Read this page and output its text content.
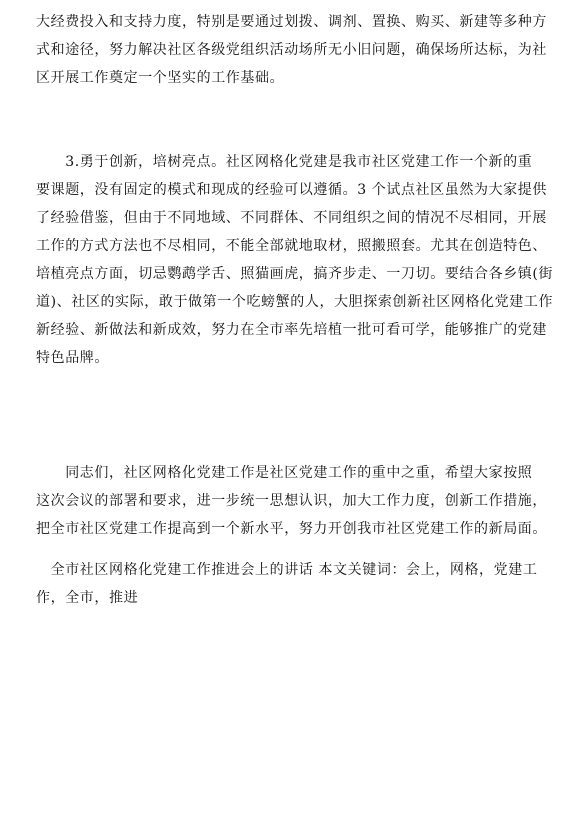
大经费投入和支持力度，特别是要通过划拨、调剂、置换、购买、新建等多种方
式和途径，努力解决社区各级党组织活动场所无小旧问题，确保场所达标，为社
区开展工作奠定一个坚实的工作基础。
　　3.勇于创新，培树亮点。社区网格化党建是我市社区党建工作一个新的重
要课题，没有固定的模式和现成的经验可以遵循。3 个试点社区虽然为大家提供
了经验借鉴，但由于不同地域、不同群体、不同组织之间的情况不尽相同，开展
工作的方式方法也不尽相同，不能全部就地取材，照搬照套。尤其在创造特色、
培植亮点方面，切忌鹦鹉学舌、照猫画虎，搞齐步走、一刀切。要结合各乡镇(街
道)、社区的实际，敢于做第一个吃螃蟹的人，大胆探索创新社区网格化党建工作
新经验、新做法和新成效，努力在全市率先培植一批可看可学，能够推广的党建
特色品牌。
　　同志们，社区网格化党建工作是社区党建工作的重中之重，希望大家按照
这次会议的部署和要求，进一步统一思想认识，加大工作力度，创新工作措施，
把全市社区党建工作提高到一个新水平，努力开创我市社区党建工作的新局面。
　全市社区网格化党建工作推进会上的讲话 本文关键词：会上，网格，党建工
作，全市，推进
